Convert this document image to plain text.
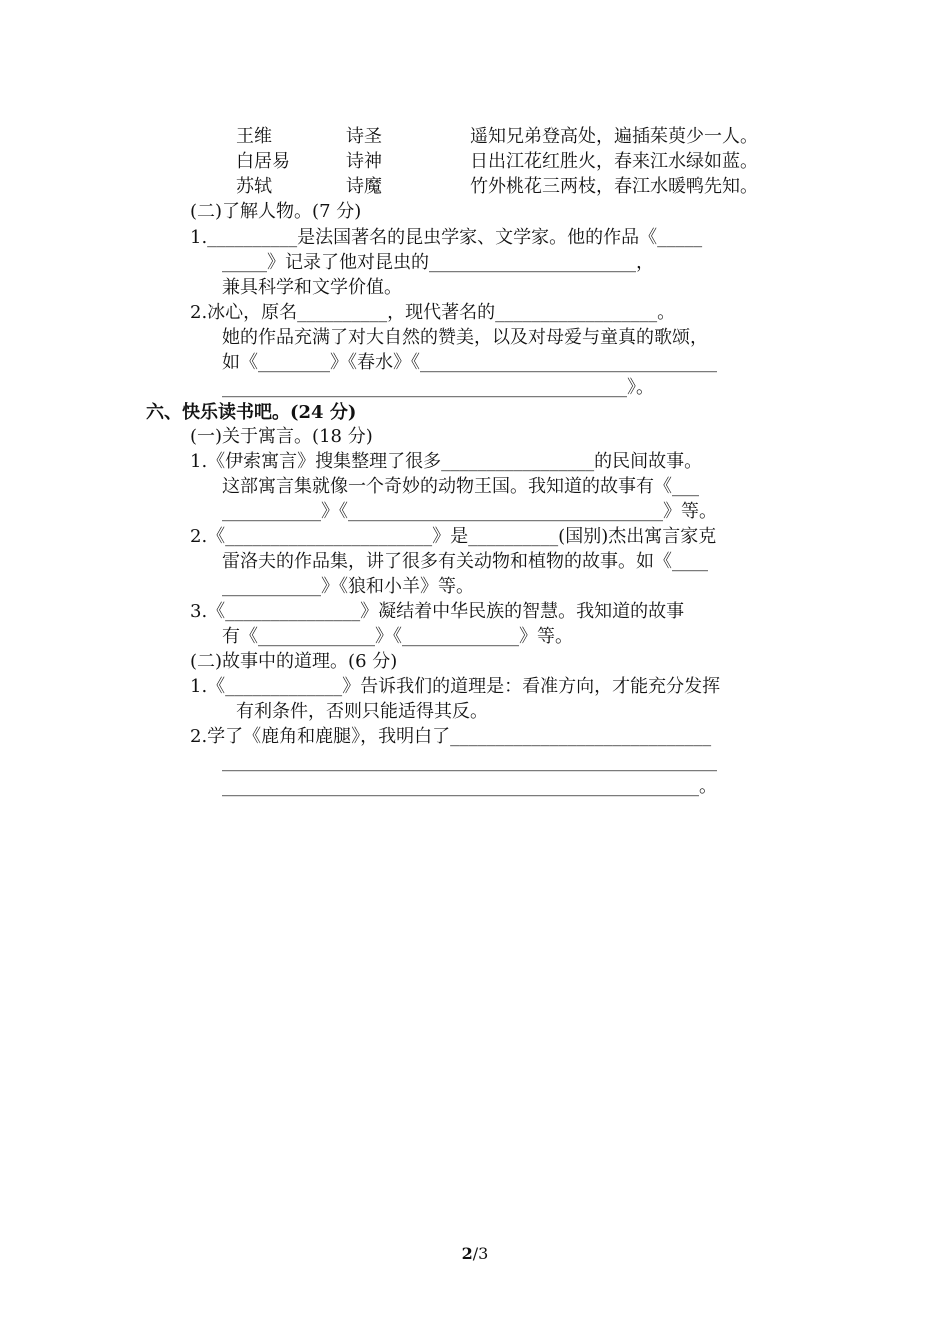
王维	诗圣	遥知兄弟登高处，遍插茱萸少一人。
白居易	诗神	日出江花红胜火，春来江水绿如蓝。
苏轼	诗魔	竹外桃花三两枝，春江水暖鸭先知。
(二)了解人物。(7 分)
1.__________是法国著名的昆虫学家、文学家。他的作品《_____
_____》记录了他对昆虫的_______________________，
兼具科学和文学价值。
2.冰心，原名__________，现代著名的__________________。
她的作品充满了对大自然的赞美，以及对母爱与童真的歌颂，
如《________》《春水》《_________________________________
_____________________________________________》。
六、快乐读书吧。(24 分)
(一)关于寓言。(18 分)
1.《伊索寓言》搜集整理了很多_________________的民间故事。
这部寓言集就像一个奇妙的动物王国。我知道的故事有《___
___________》《___________________________________》等。
2.《_______________________》是__________(国别)杰出寓言家克
雷洛夫的作品集，讲了很多有关动物和植物的故事。如《____
___________》《狼和小羊》等。
3.《_______________》凝结着中华民族的智慧。我知道的故事
有《_____________》《_____________》等。
(二)故事中的道理。(6 分)
1.《_____________》告诉我们的道理是：看准方向，才能充分发挥
有利条件，否则只能适得其反。
2.学了《鹿角和鹿腿》，我明白了_____________________________
_______________________________________________________
_____________________________________________________。
2/3
